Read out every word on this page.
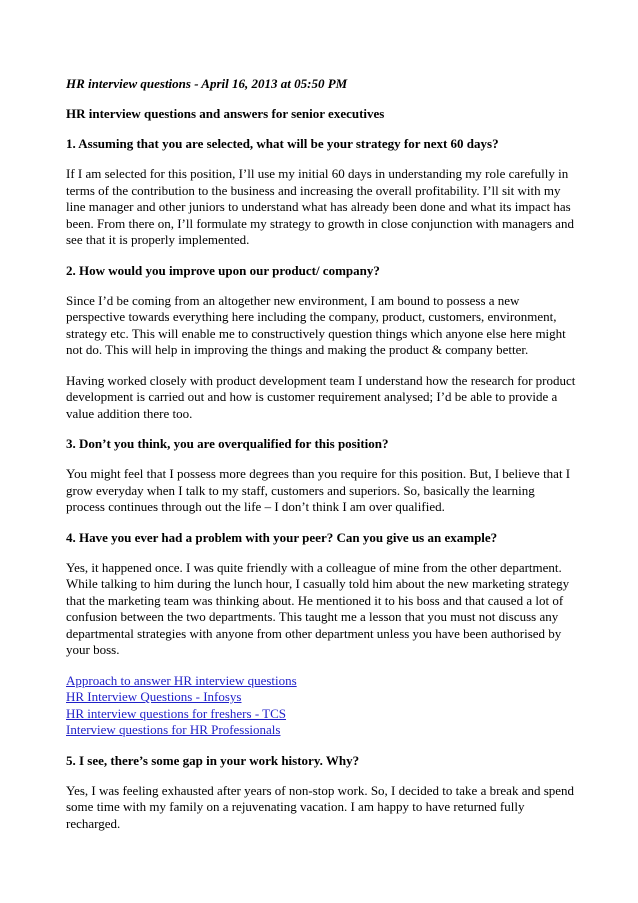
HR interview questions - April 16, 2013 at 05:50 PM

HR interview questions and answers for senior executives

1. Assuming that you are selected, what will be your strategy for next 60 days?

If I am selected for this position, I’ll use my initial 60 days in understanding my role carefully in terms of the contribution to the business and increasing the overall profitability. I’ll sit with my line manager and other juniors to understand what has already been done and what its impact has been. From there on, I’ll formulate my strategy to growth in close conjunction with managers and see that it is properly implemented.

2. How would you improve upon our product/ company?

Since I’d be coming from an altogether new environment, I am bound to possess a new perspective towards everything here including the company, product, customers, environment, strategy etc. This will enable me to constructively question things which anyone else here might not do. This will help in improving the things and making the product & company better.

Having worked closely with product development team I understand how the research for product development is carried out and how is customer requirement analysed; I’d be able to provide a value addition there too.

3. Don’t you think, you are overqualified for this position?

You might feel that I possess more degrees than you require for this position. But, I believe that I grow everyday when I talk to my staff, customers and superiors. So, basically the learning process continues through out the life – I don’t think I am over qualified.

4. Have you ever had a problem with your peer? Can you give us an example?

Yes, it happened once. I was quite friendly with a colleague of mine from the other department. While talking to him during the lunch hour, I casually told him about the new marketing strategy that the marketing team was thinking about. He mentioned it to his boss and that caused a lot of confusion between the two departments. This taught me a lesson that you must not discuss any departmental strategies with anyone from other department unless you have been authorised by your boss.

Approach to answer HR interview questions
HR Interview Questions - Infosys
HR interview questions for freshers - TCS
Interview questions for HR Professionals

5. I see, there’s some gap in your work history. Why?

Yes, I was feeling exhausted after years of non-stop work. So, I decided to take a break and spend some time with my family on a rejuvenating vacation. I am happy to have returned fully recharged.
